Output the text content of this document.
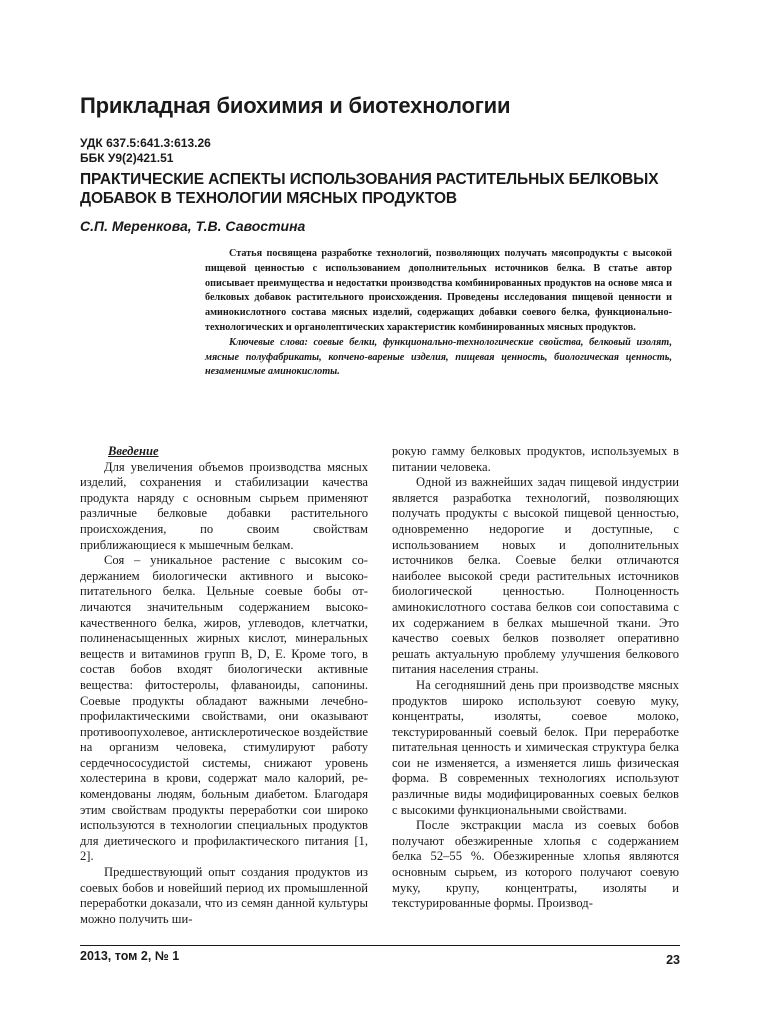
Прикладная биохимия и биотехнологии
УДК 637.5:641.3:613.26
ББК У9(2)421.51
ПРАКТИЧЕСКИЕ АСПЕКТЫ ИСПОЛЬЗОВАНИЯ РАСТИТЕЛЬНЫХ БЕЛКОВЫХ ДОБАВОК В ТЕХНОЛОГИИ МЯСНЫХ ПРОДУКТОВ
С.П. Меренкова, Т.В. Савостина

Статья посвящена разработке технологий, позволяющих получать мясопродукты с высокой пищевой ценностью с использованием дополнительных источников белка. В статье автор описывает преимущества и недостатки производства комбинированных продуктов на основе мяса и белковых добавок растительного происхождения. Проведены исследования пищевой ценности и аминокислотного состава мясных изделий, содержащих добавки соевого белка, функционально-технологических и органолептических характеристик комбинированных мясных продуктов.

Ключевые слова: соевые белки, функционально-технологические свойства, белковый изолят, мясные полуфабрикаты, копчено-вареные изделия, пищевая ценность, биологическая ценность, незаменимые аминокислоты.

Введение

Для увеличения объемов производства мясных изделий, сохранения и стабилизации качества продукта наряду с основным сырьем применяют различные белковые добавки растительного происхождения, по своим свойствам приближающиеся к мышечным белкам.

Соя – уникальное растение с высоким содержанием биологически активного и высокопитательного белка. Цельные соевые бобы отличаются значительным содержанием высококачественного белка, жиров, углеводов, клетчатки, полиненасыщенных жирных кислот, минеральных веществ и витаминов групп В, D, Е. Кроме того, в состав бобов входят биологически активные вещества: фитостеролы, флаваноиды, сапонины. Соевые продукты обладают важными лечебно-профилактическими свойствами, они оказывают противоопухолевое, антисклеротическое воздействие на организм человека, стимулируют работу сердечнососудистой системы, снижают уровень холестерина в крови, содержат мало калорий, рекомендованы людям, больным диабетом. Благодаря этим свойствам продукты переработки сои широко используются в технологии специальных продуктов для диетического и профилактического питания [1, 2].

Предшествующий опыт создания продуктов из соевых бобов и новейший период их промышленной переработки доказали, что из семян данной культуры можно получить ши-

рокую гамму белковых продуктов, используемых в питании человека.

Одной из важнейших задач пищевой индустрии является разработка технологий, позволяющих получать продукты с высокой пищевой ценностью, одновременно недорогие и доступные, с использованием новых и дополнительных источников белка. Соевые белки отличаются наиболее высокой среди растительных источников биологической ценностью. Полноценность аминокислотного состава белков сои сопоставима с их содержанием в белках мышечной ткани. Это качество соевых белков позволяет оперативно решать актуальную проблему улучшения белкового питания населения страны.

На сегодняшний день при производстве мясных продуктов широко используют соевую муку, концентраты, изоляты, соевое молоко, текстурированный соевый белок. При переработке питательная ценность и химическая структура белка сои не изменяется, а изменяется лишь физическая форма. В современных технологиях используют различные виды модифицированных соевых белков с высокими функциональными свойствами.

После экстракции масла из соевых бобов получают обезжиренные хлопья с содержанием белка 52–55 %. Обезжиренные хлопья являются основным сырьем, из которого получают соевую муку, крупу, концентраты, изоляты и текстурированные формы. Производ-

2013, том 2, № 1	23
